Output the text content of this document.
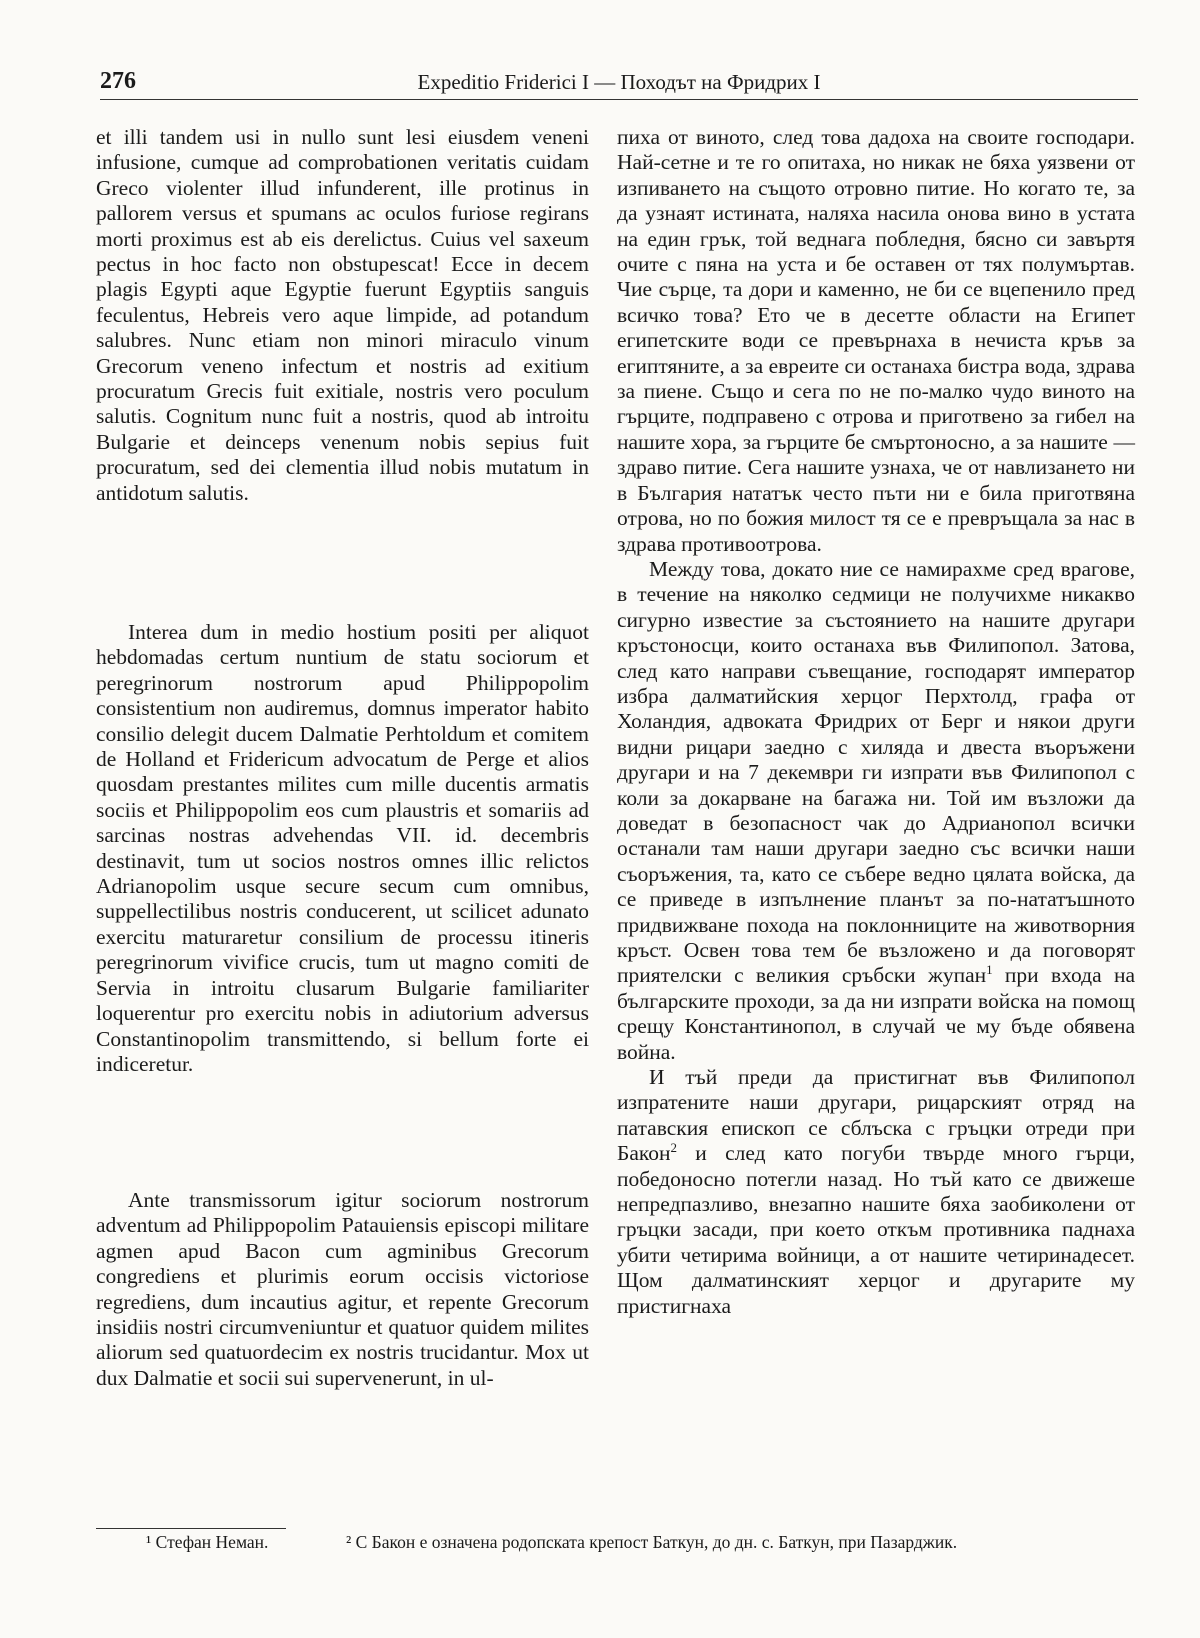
276	Expeditio Friderici I — Походът на Фридрих I

et illi tandem usi in nullo sunt lesi eiusdem veneni infusione, cumque ad comprobationen veritatis cuidam Greco violenter illud infunderent, ille protinus in pallorem versus et spumans ac oculos furiose regirans morti proximus est ab eis derelictus. Cuius vel saxeum pectus in hoc facto non obstupescat! Ecce in decem plagis Egypti aque Egyptie fuerunt Egyptiis sanguis feculentus, Hebreis vero aque limpide, ad potandum salubres. Nunc etiam non minori miraculo vinum Grecorum veneno infectum et nostris ad exitium procuratum Grecis fuit exitiale, nostris vero poculum salutis. Cognitum nunc fuit a nostris, quod ab introitu Bulgarie et deinceps venenum nobis sepius fuit procuratum, sed dei clementia illud nobis mutatum in antidotum salutis.

Interea dum in medio hostium positi per aliquot hebdomadas certum nuntium de statu sociorum et peregrinorum nostrorum apud Philippopolim consistentium non audiremus, domnus imperator habito consilio delegit ducem Dalmatie Perhtoldum et comitem de Holland et Fridericum advocatum de Perge et alios quosdam prestantes milites cum mille ducentis armatis sociis et Philippopolim eos cum plaustris et somariis ad sarcinas nostras advehendas VII. id. decembris destinavit, tum ut socios nostros omnes illic relictos Adrianopolim usque secure secum cum omnibus, suppellectilibus nostris conducerent, ut scilicet adunato exercitu maturaretur consilium de processu itineris peregrinorum vivifice crucis, tum ut magno comiti de Servia in introitu clusarum Bulgarie familiariter loquerentur pro exercitu nobis in adiutorium adversus Constantinopolim transmittendo, si bellum forte ei indiceretur.

Ante transmissorum igitur sociorum nostrorum adventum ad Philippopolim Patauiensis episcopi militare agmen apud Bacon cum agminibus Grecorum congrediens et plurimis eorum occisis victoriose regrediens, dum incautius agitur, et repente Grecorum insidiis nostri circumveniuntur et quatuor quidem milites aliorum sed quatuordecim ex nostris trucidantur. Mox ut dux Dalmatie et socii sui supervenerunt, in ul-

пиха от виното, след това дадоха на своите господари. Най-сетне и те го опитаха, но никак не бяха уязвени от изпиването на същото отровно питие. Но когато те, за да узнаят истината, наляха насила онова вино в устата на един грък, той веднага побледня, бясно си завъртя очите с пяна на уста и бе оставен от тях полумъртав. Чие сърце, та дори и каменно, не би се вцепенило пред всичко това? Ето че в десетте области на Египет египетските води се превърнаха в нечиста кръв за египтяните, а за евреите си останаха бистра вода, здрава за пиене. Също и сега по не по-малко чудо виното на гърците, подправено с отрова и приготвено за гибел на нашите хора, за гърците бе смъртоносно, а за нашите — здраво питие. Сега нашите узнаха, че от навлизането ни в България нататък често пъти ни е била приготвяна отрова, но по божия милост тя се е превръщала за нас в здрава противоотрова.

Между това, докато ние се намирахме сред врагове, в течение на няколко седмици не получихме никакво сигурно известие за състоянието на нашите другари кръстоносци, които останаха във Филипопол. Затова, след като направи съвещание, господарят император избра далматийския херцог Перхтолд, графа от Холандия, адвоката Фридрих от Берг и някои други видни рицари заедно с хиляда и двеста въоръжени другари и на 7 декември ги изпрати във Филипопол с коли за докарване на багажа ни. Той им възложи да доведат в безопасност чак до Адрианопол всички останали там наши другари заедно със всички наши съоръжения, та, като се събере ведно цялата войска, да се приведе в изпълнение планът за по-нататъшното придвижване похода на поклонниците на животворния кръст. Освен това тем бе възложено и да поговорят приятелски с великия сръбски жупан$^1$ при входа на българските проходи, за да ни изпрати войска на помощ срещу Константинопол, в случай че му бъде обявена война.

И тъй преди да пристигнат във Филипопол изпратените наши другари, рицарският отряд на патавския епископ се сблъска с гръцки отреди при Бакон$^2$ и след като погуби твърде много гърци, победоносно потегли назад. Но тъй като се движеше непредпазливо, внезапно нашите бяха заобиколени от гръцки засади, при което откъм противника паднаха убити четирима войници, а от нашите четиринадесет. Щом далматинският херцог и другарите му пристигнаха

¹ Стефан Неман.	² С Бакон е означена родопската крепост Баткун, до дн. с. Баткун, при Пазарджик.
